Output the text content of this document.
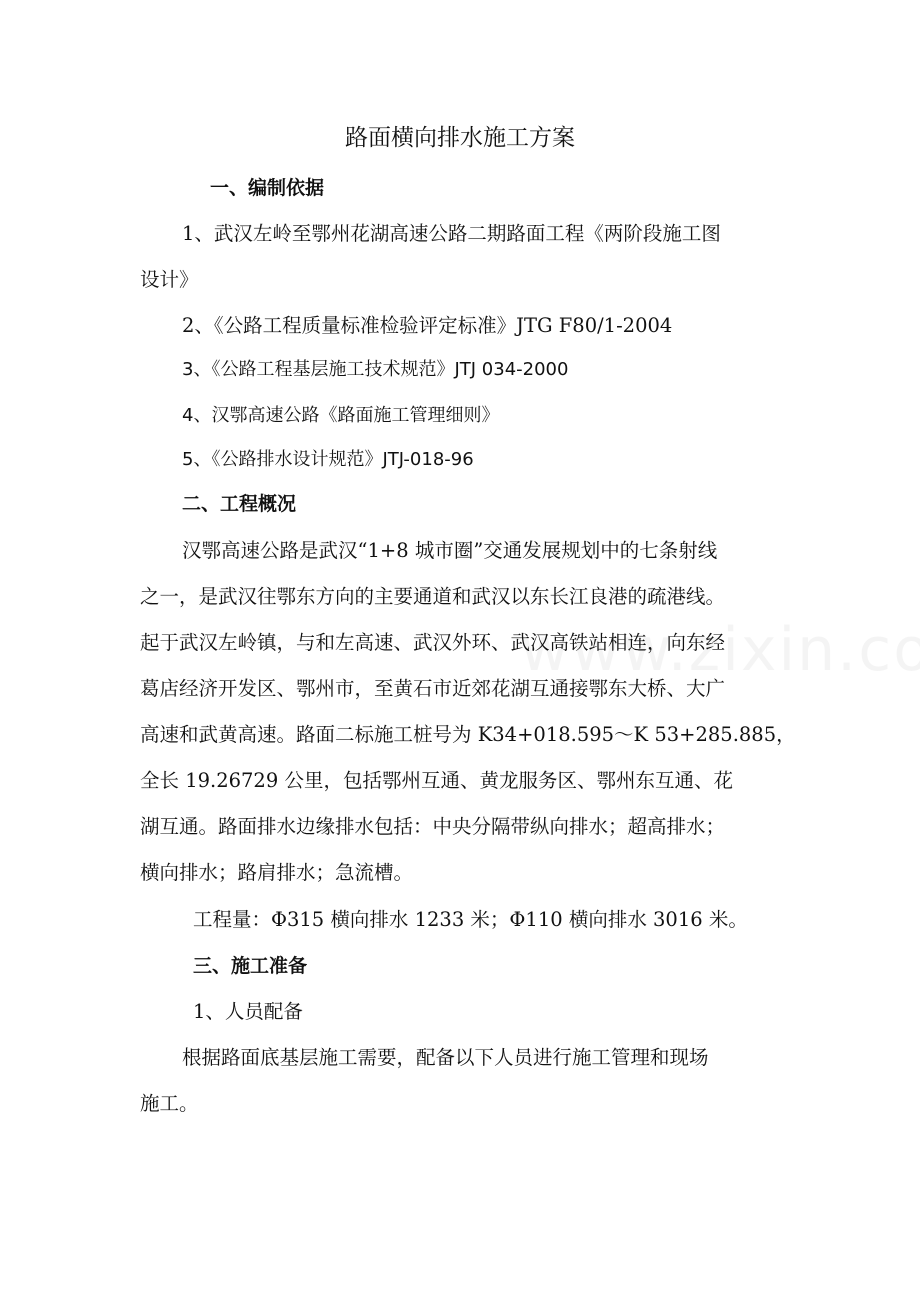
路面横向排水施工方案
一、编制依据
1、武汉左岭至鄂州花湖高速公路二期路面工程《两阶段施工图
设计》
2、《公路工程质量标准检验评定标准》JTG F80/1-2004
3、《公路工程基层施工技术规范》JTJ 034-2000
4、汉鄂高速公路《路面施工管理细则》
5、《公路排水设计规范》JTJ-018-96
二、工程概况
汉鄂高速公路是武汉“1+8 城市圈”交通发展规划中的七条射线
之一，是武汉往鄂东方向的主要通道和武汉以东长江良港的疏港线。
起于武汉左岭镇，与和左高速、武汉外环、武汉高铁站相连，向东经
葛店经济开发区、鄂州市，至黄石市近郊花湖互通接鄂东大桥、大广
高速和武黄高速。路面二标施工桩号为 K34+018.595～K 53+285.885，
全长 19.26729 公里，包括鄂州互通、黄龙服务区、鄂州东互通、花
湖互通。路面排水边缘排水包括：中央分隔带纵向排水；超高排水；
横向排水；路肩排水；急流槽。
工程量：Φ315 横向排水 1233 米；Φ110 横向排水 3016 米。
三、施工准备
1、人员配备
根据路面底基层施工需要，配备以下人员进行施工管理和现场
施工。
